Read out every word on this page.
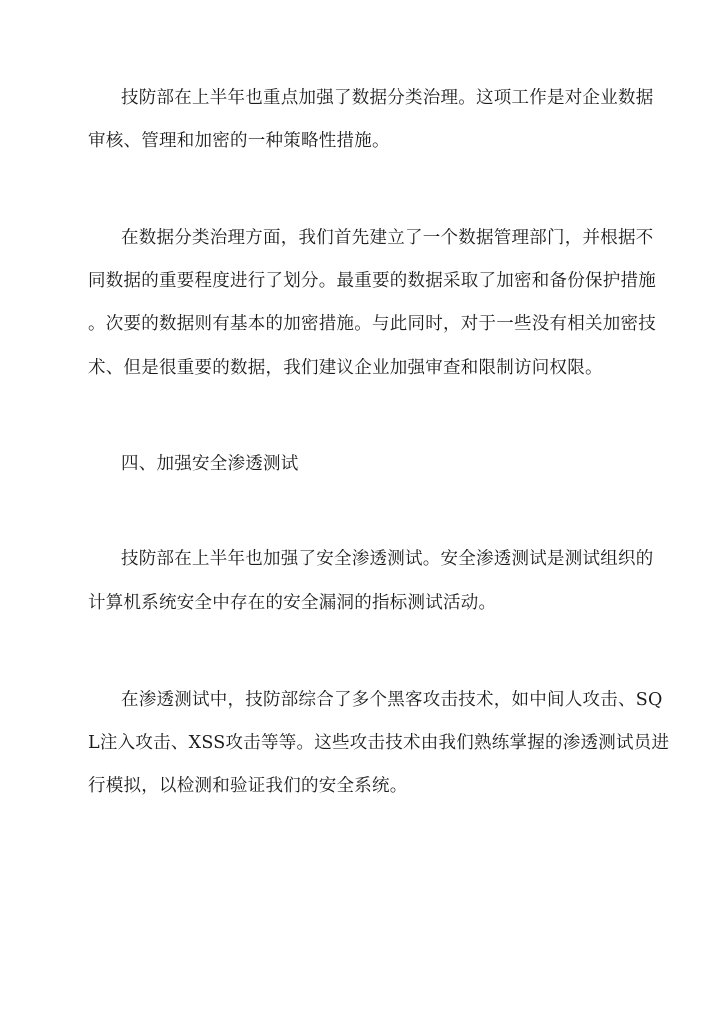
技防部在上半年也重点加强了数据分类治理。这项工作是对企业数据
审核、管理和加密的一种策略性措施。
在数据分类治理方面，我们首先建立了一个数据管理部门，并根据不
同数据的重要程度进行了划分。最重要的数据采取了加密和备份保护措施
。次要的数据则有基本的加密措施。与此同时，对于一些没有相关加密技
术、但是很重要的数据，我们建议企业加强审查和限制访问权限。
四、加强安全渗透测试
技防部在上半年也加强了安全渗透测试。安全渗透测试是测试组织的
计算机系统安全中存在的安全漏洞的指标测试活动。
在渗透测试中，技防部综合了多个黑客攻击技术，如中间人攻击、SQ
L注入攻击、XSS攻击等等。这些攻击技术由我们熟练掌握的渗透测试员进
行模拟，以检测和验证我们的安全系统。
